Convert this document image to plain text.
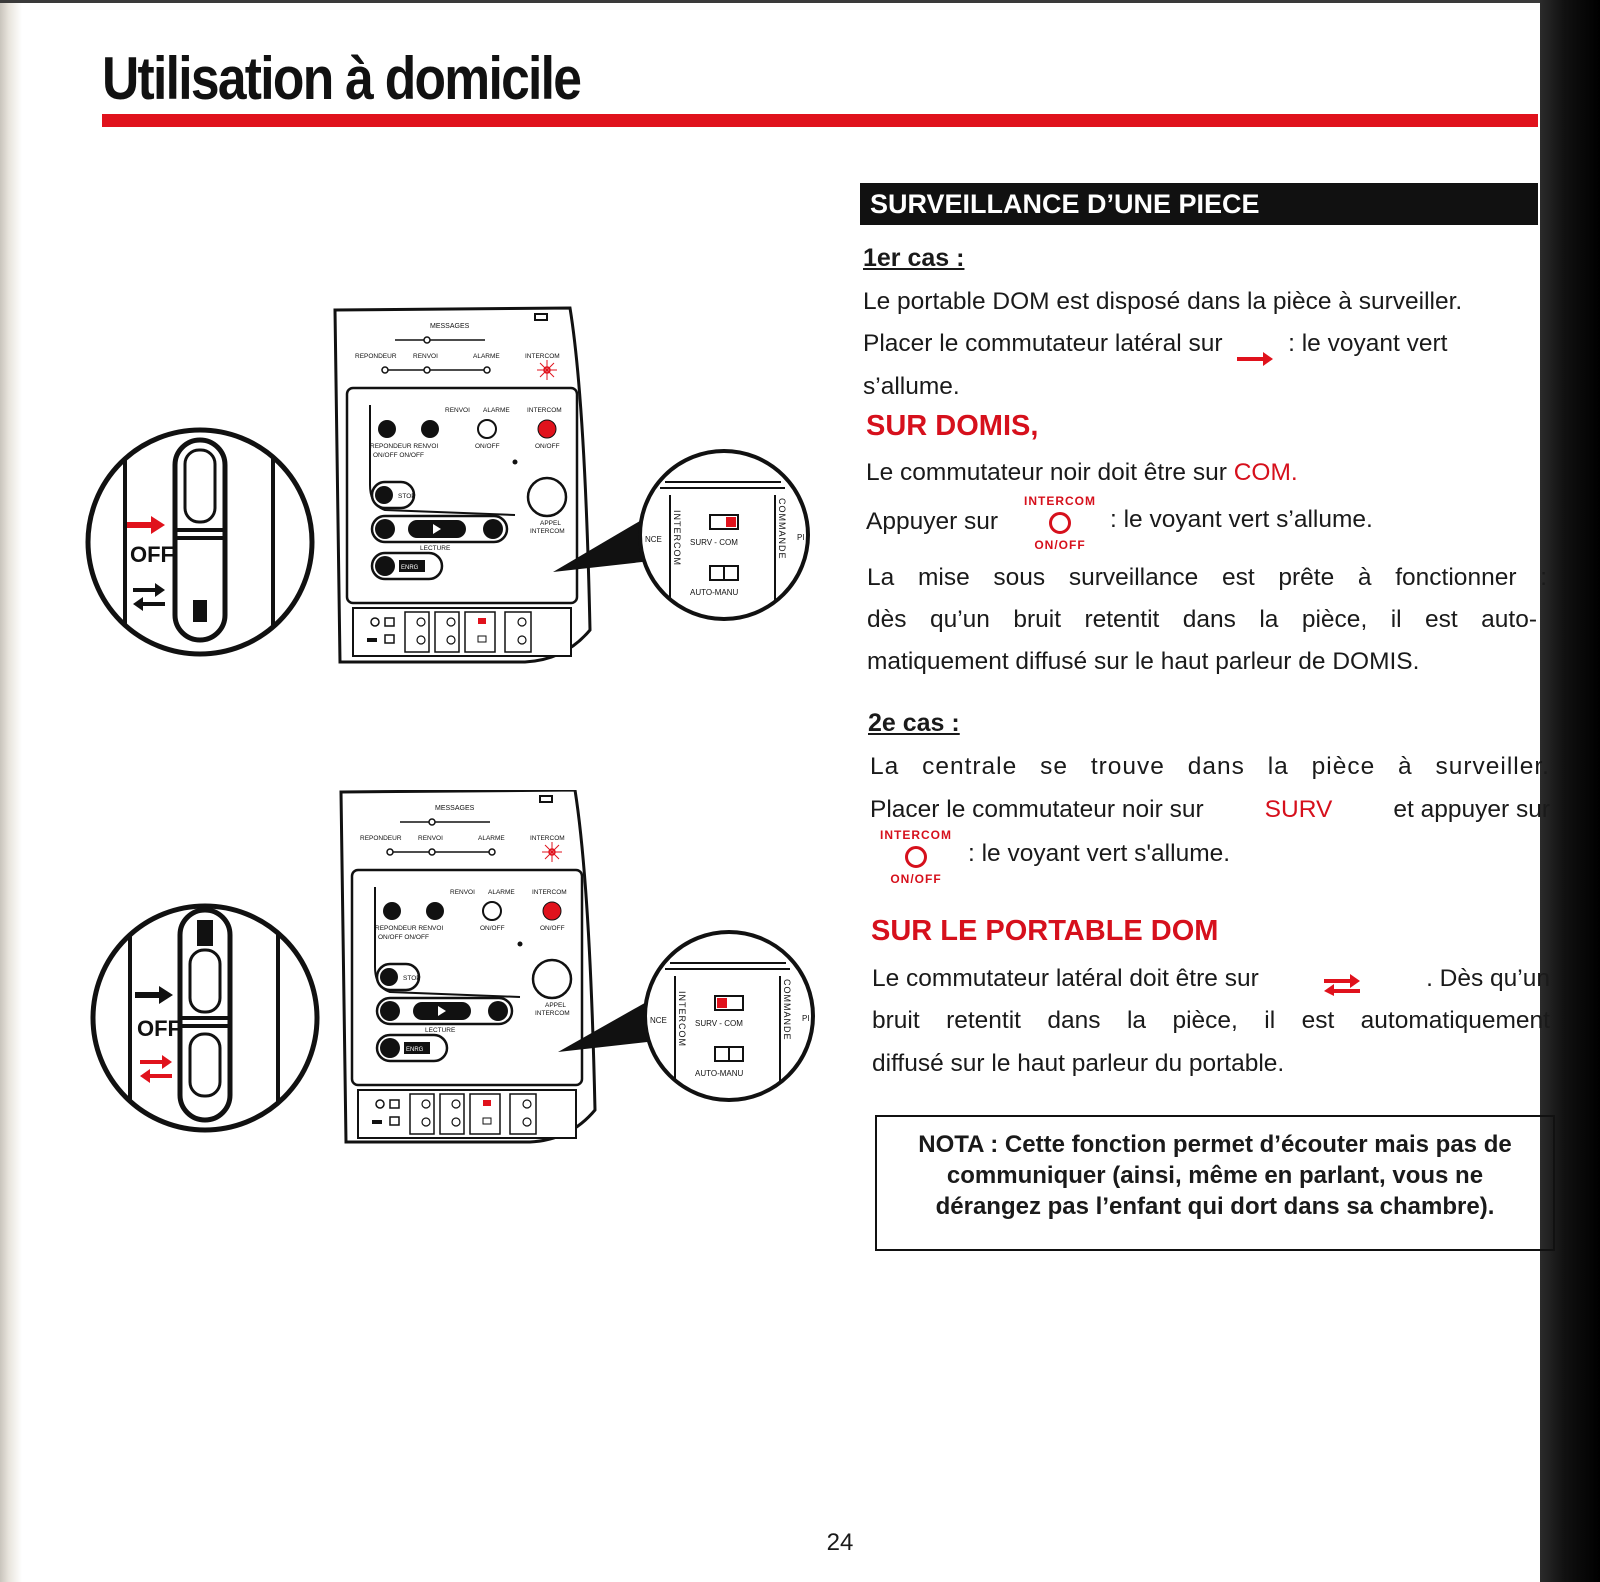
Utilisation à domicile
OFF
MESSAGES
REPONDEUR	RENVOI	ALARME	INTERCOM
RENVOI ALARME	INTERCOM
REPONDEUR RENVOI
ON/OFF ON/OFF
ON/OFF	ON/OFF
APPEL
INTERCOM
STOP
LECTURE
ENRG
NCE	PI
INTERCOM	COMMANDE
SURV - COM
AUTO-MANU
OFF
MESSAGES
REPONDEUR	RENVOI	ALARME	INTERCOM
RENVOI ALARME	INTERCOM
REPONDEUR RENVOI
ON/OFF ON/OFF
ON/OFF	ON/OFF
APPEL
INTERCOM
STOP
LECTURE
ENRG
NCE	PI
INTERCOM	COMMANDE
SURV - COM
AUTO-MANU
SURVEILLANCE D’UNE PIECE
1er cas :
Le portable DOM est disposé dans la pièce à surveiller.
Placer le commutateur latéral sur	: le voyant vert
s’allume.
SUR DOMIS,
Le commutateur noir doit être sur COM.
Appuyer sur
INTERCOM
ON/OFF
: le voyant vert s’allume.
La mise sous surveillance est prête à fonctionner :
dès qu’un bruit retentit dans la pièce, il est auto-
matiquement diffusé sur le haut parleur de DOMIS.
2e cas :
La centrale se trouve dans la pièce à surveiller.
Placer le commutateur noir sur SURV et appuyer sur
INTERCOM
ON/OFF
: le voyant vert s'allume.
SUR LE PORTABLE DOM
Le commutateur latéral doit être sur	. Dès qu’un
bruit retentit dans la pièce, il est automatiquement
diffusé sur le haut parleur du portable.
NOTA : Cette fonction permet d’écouter mais pas de communiquer (ainsi, même en parlant, vous ne dérangez pas l’enfant qui dort dans sa chambre).
24
